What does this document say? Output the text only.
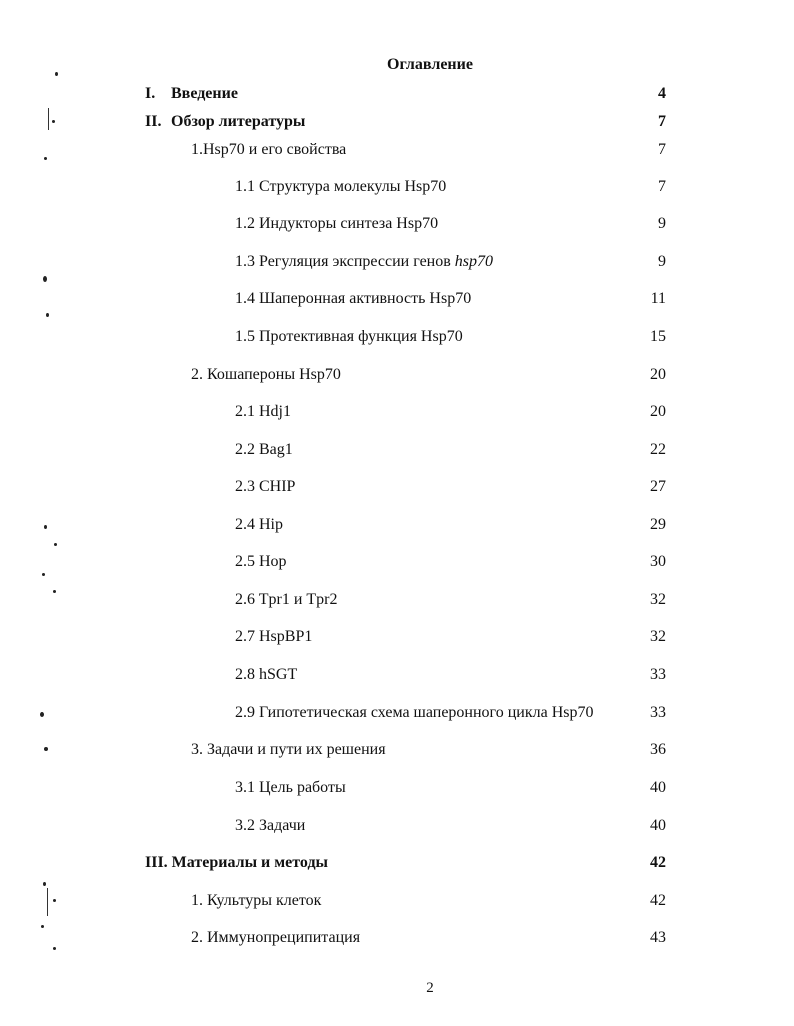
Оглавление
I. Введение	4
II. Обзор литературы	7
1.Hsp70 и его свойства	7
1.1 Структура молекулы Hsp70	7
1.2 Индукторы синтеза Hsp70	9
1.3 Регуляция экспрессии генов hsp70	9
1.4 Шаперонная активность Hsp70	11
1.5 Протективная функция Hsp70	15
2. Кошапероны Hsp70	20
2.1 Hdj1	20
2.2 Bag1	22
2.3 CHIP	27
2.4 Hip	29
2.5 Hop	30
2.6 Tpr1 и Tpr2	32
2.7 HspBP1	32
2.8 hSGT	33
2.9 Гипотетическая схема шаперонного цикла Hsp70	33
3. Задачи и пути их решения	36
3.1 Цель работы	40
3.2 Задачи	40
III. Материалы и методы	42
1. Культуры клеток	42
2. Иммунопреципитация	43
2
